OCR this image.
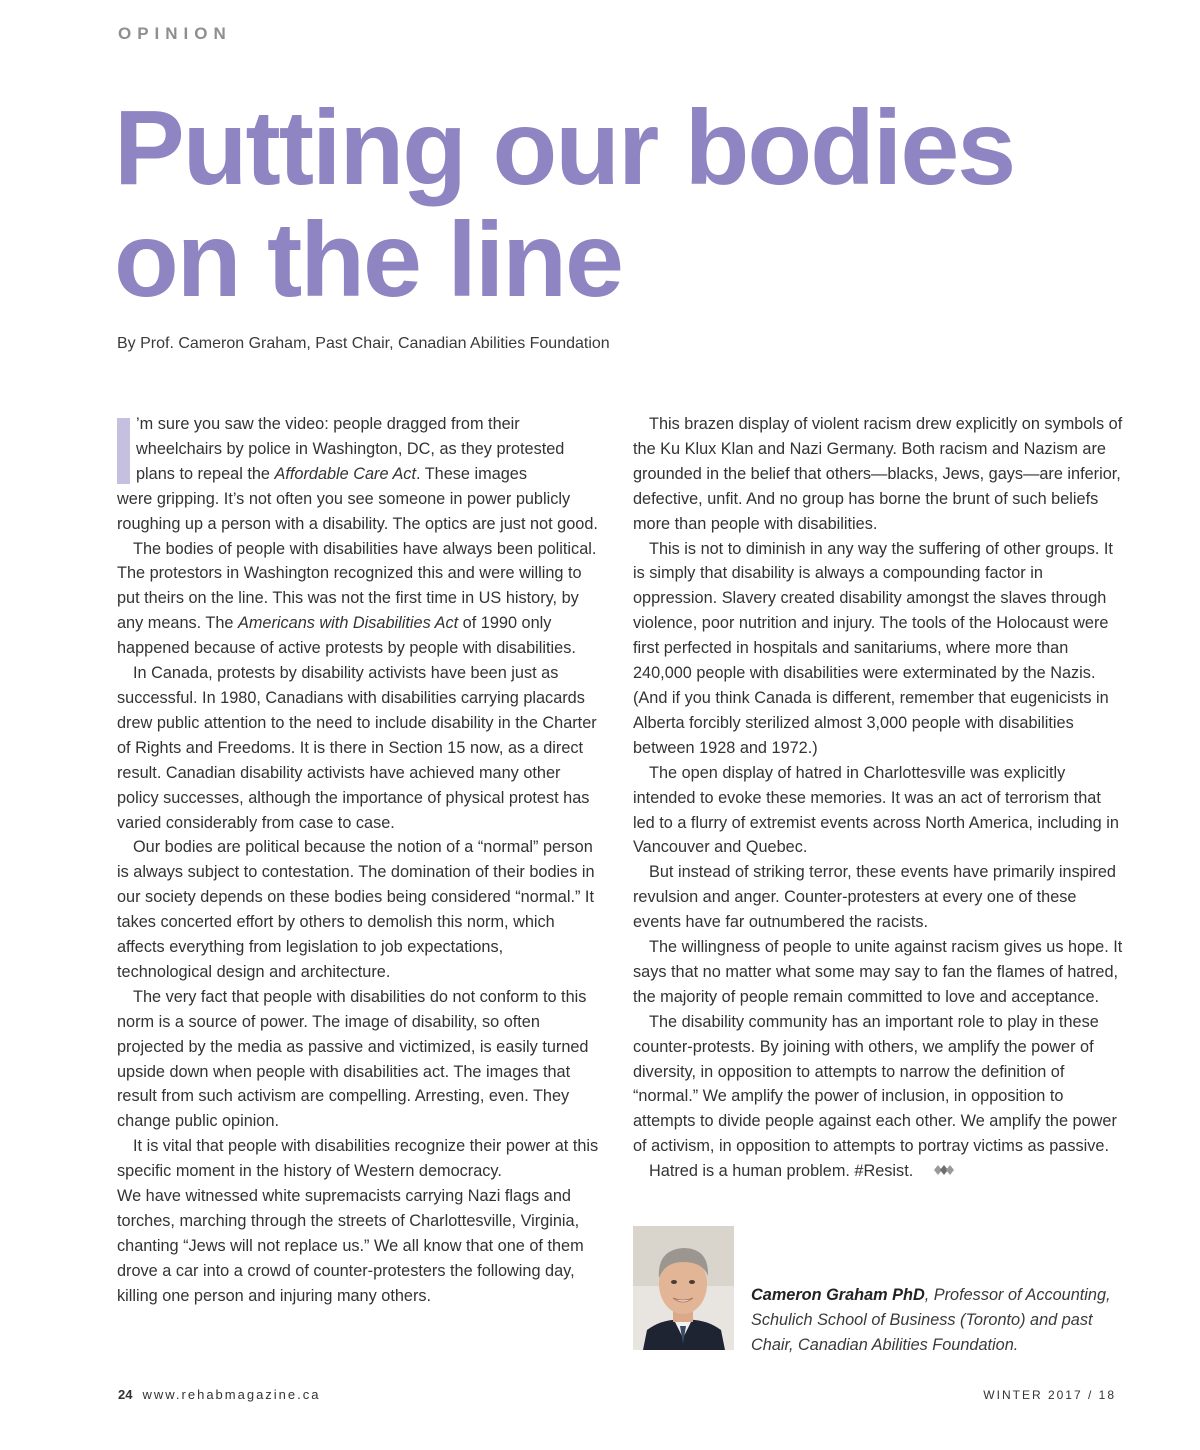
OPINION
Putting our bodies
on the line
By Prof. Cameron Graham, Past Chair, Canadian Abilities Foundation
’m sure you saw the video: people dragged from their
wheelchairs by police in Washington, DC, as they protested
plans to repeal the Affordable Care Act. These images

were gripping. It’s not often you see someone in power publicly roughing up a person with a disability. The optics are just not good.

The bodies of people with disabilities have always been political. The protestors in Washington recognized this and were willing to put theirs on the line. This was not the first time in US history, by any means. The Americans with Disabilities Act of 1990 only happened because of active protests by people with disabilities.

In Canada, protests by disability activists have been just as successful. In 1980, Canadians with disabilities carrying placards drew public attention to the need to include disability in the Charter of Rights and Freedoms. It is there in Section 15 now, as a direct result. Canadian disability activists have achieved many other policy successes, although the importance of physical protest has varied considerably from case to case.

Our bodies are political because the notion of a “normal” person is always subject to contestation. The domination of their bodies in our society depends on these bodies being considered “normal.” It takes concerted effort by others to demolish this norm, which affects everything from legislation to job expectations, technological design and architecture.

The very fact that people with disabilities do not conform to this norm is a source of power. The image of disability, so often projected by the media as passive and victimized, is easily turned upside down when people with disabilities act. The images that result from such activism are compelling. Arresting, even. They change public opinion.

It is vital that people with disabilities recognize their power at this specific moment in the history of Western democracy.

We have witnessed white supremacists carrying Nazi flags and torches, marching through the streets of Charlottesville, Virginia, chanting “Jews will not replace us.” We all know that one of them drove a car into a crowd of counter-protesters the following day, killing one person and injuring many others.

This brazen display of violent racism drew explicitly on symbols of the Ku Klux Klan and Nazi Germany. Both racism and Nazism are grounded in the belief that others—blacks, Jews, gays—are inferior, defective, unfit. And no group has borne the brunt of such beliefs more than people with disabilities.

This is not to diminish in any way the suffering of other groups. It is simply that disability is always a compounding factor in oppression. Slavery created disability amongst the slaves through violence, poor nutrition and injury. The tools of the Holocaust were first perfected in hospitals and sanitariums, where more than 240,000 people with disabilities were exterminated by the Nazis. (And if you think Canada is different, remember that eugenicists in Alberta forcibly sterilized almost 3,000 people with disabilities between 1928 and 1972.)

The open display of hatred in Charlottesville was explicitly intended to evoke these memories. It was an act of terrorism that led to a flurry of extremist events across North America, including in Vancouver and Quebec.

But instead of striking terror, these events have primarily inspired revulsion and anger. Counter-protesters at every one of these events have far outnumbered the racists.

The willingness of people to unite against racism gives us hope. It says that no matter what some may say to fan the flames of hatred, the majority of people remain committed to love and acceptance.

The disability community has an important role to play in these counter-protests. By joining with others, we amplify the power of diversity, in opposition to attempts to narrow the definition of “normal.” We amplify the power of inclusion, in opposition to attempts to divide people against each other. We amplify the power of activism, in opposition to attempts to portray victims as passive.

Hatred is a human problem. #Resist.

Cameron Graham PhD, Professor of Accounting, Schulich School of Business (Toronto) and past Chair, Canadian Abilities Foundation.
24 www.rehabmagazine.ca	WINTER 2017 / 18
